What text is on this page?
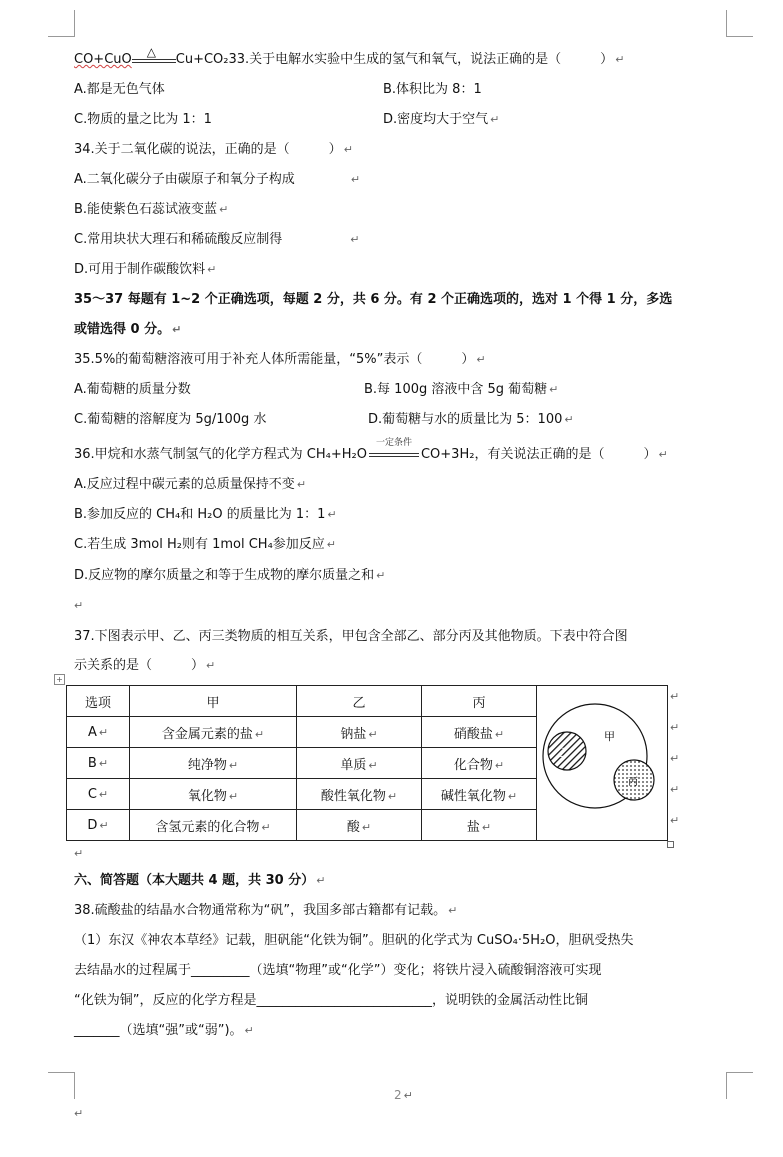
CO+CuO △ Cu+CO₂33.关于电解水实验中生成的氢气和氧气，说法正确的是（　　　） ↵
A.都是无色气体	B.体积比为 8：1
C.物质的量之比为 1：1	D.密度均大于空气 ↵
34.关于二氧化碳的说法，正确的是（　　　） ↵
A.二氧化碳分子由碳原子和氧分子构成	↵
B.能使紫色石蕊试液变蓝 ↵
C.常用块状大理石和稀硫酸反应制得	↵
D.可用于制作碳酸饮料 ↵
35～37 每题有 1~2 个正确选项，每题 2 分，共 6 分。有 2 个正确选项的，选对 1 个得 1 分，多选
或错选得 0 分。 ↵
35.5%的葡萄糖溶液可用于补充人体所需能量，“5%”表示（　　　） ↵
A.葡萄糖的质量分数	B.每 100g 溶液中含 5g 葡萄糖 ↵
C.葡萄糖的溶解度为 5g/100g 水	D.葡萄糖与水的质量比为 5：100 ↵
36.甲烷和水蒸气制氢气的化学方程式为 CH₄+H₂O
一定条件
CO+3H₂，有关说法正确的是（　　　） ↵
A.反应过程中碳元素的总质量保持不变 ↵
B.参加反应的 CH₄和 H₂O 的质量比为 1：1 ↵
C.若生成 3mol H₂则有 1mol CH₄参加反应 ↵
D.反应物的摩尔质量之和等于生成物的摩尔质量之和 ↵
↵
37.下图表示甲、乙、丙三类物质的相互关系，甲包含全部乙、部分丙及其他物质。下表中符合图
示关系的是（　　　） ↵
+
选项	甲	乙	丙	甲
乙
丙

A ↵	含金属元素的盐 ↵	钠盐 ↵	硝酸盐 ↵	
B ↵	纯净物 ↵	单质 ↵	化合物 ↵	
C ↵	氧化物 ↵	酸性氧化物 ↵	碱性氧化物 ↵	
D ↵	含氢元素的化合物 ↵	酸 ↵	盐 ↵	
↵
↵
↵
↵
↵
↵
六、简答题（本大题共 4 题，共 30 分） ↵
38.硫酸盐的结晶水合物通常称为“矾”，我国多部古籍都有记载。 ↵
（1）东汉《神农本草经》记载，胆矾能“化铁为铜”。胆矾的化学式为 CuSO₄·5H₂O，胆矾受热失
去结晶水的过程属于_________（选填“物理”或“化学”）变化；将铁片浸入硫酸铜溶液可实现
“化铁为铜”，反应的化学方程是___________________________，说明铁的金属活动性比铜
_______（选填“强”或“弱”)。 ↵
2 ↵
↵
